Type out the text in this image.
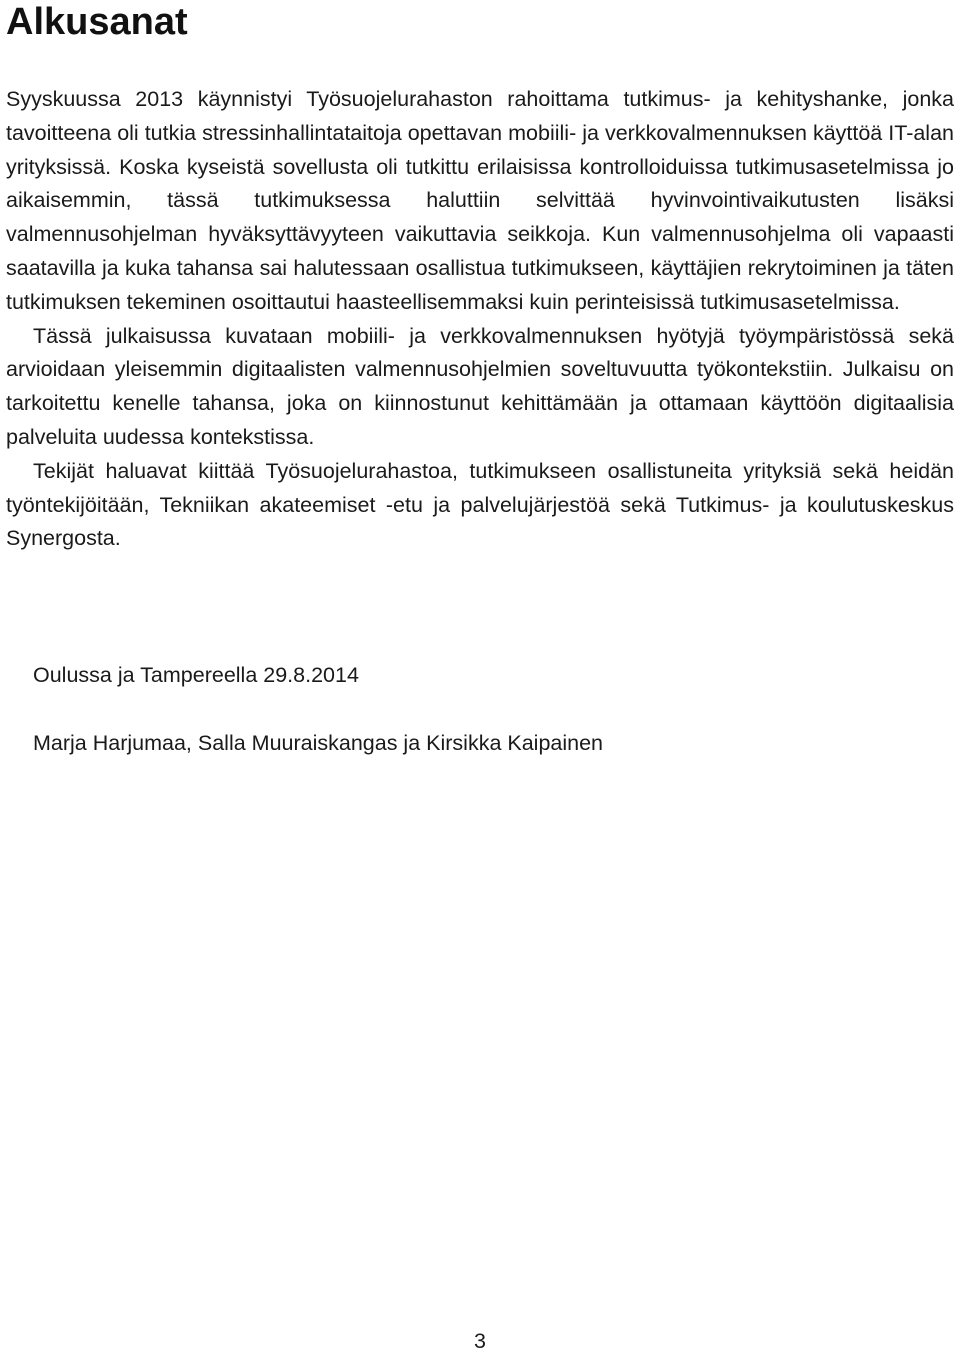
Alkusanat

Syyskuussa 2013 käynnistyi Työsuojelurahaston rahoittama tutkimus- ja kehityshanke, jonka tavoitteena oli tutkia stressinhallintataitoja opettavan mobiili- ja verkkovalmennuksen käyttöä IT-alan yrityksissä. Koska kyseistä sovellusta oli tutkittu erilaisissa kontrolloiduissa tutkimusasetelmissa jo aikaisemmin, tässä tutkimuksessa haluttiin selvittää hyvinvointivaikutusten lisäksi valmennusohjelman hyväksyttävyyteen vaikuttavia seikkoja. Kun valmennusohjelma oli vapaasti saatavilla ja kuka tahansa sai halutessaan osallistua tutkimukseen, käyttäjien rekrytoiminen ja täten tutkimuksen tekeminen osoittautui haasteellisemmaksi kuin perinteisissä tutkimusasetelmissa.

Tässä julkaisussa kuvataan mobiili- ja verkkovalmennuksen hyötyjä työympäristössä sekä arvioidaan yleisemmin digitaalisten valmennusohjelmien soveltuvuutta työkontekstiin. Julkaisu on tarkoitettu kenelle tahansa, joka on kiinnostunut kehittämään ja ottamaan käyttöön digitaalisia palveluita uudessa kontekstissa.

Tekijät haluavat kiittää Työsuojelurahastoa, tutkimukseen osallistuneita yrityksiä sekä heidän työntekijöitään, Tekniikan akateemiset -etu ja palvelujärjestöä sekä Tutkimus- ja koulutuskeskus Synergosta.

Oulussa ja Tampereella 29.8.2014

Marja Harjumaa, Salla Muuraiskangas ja Kirsikka Kaipainen

3
